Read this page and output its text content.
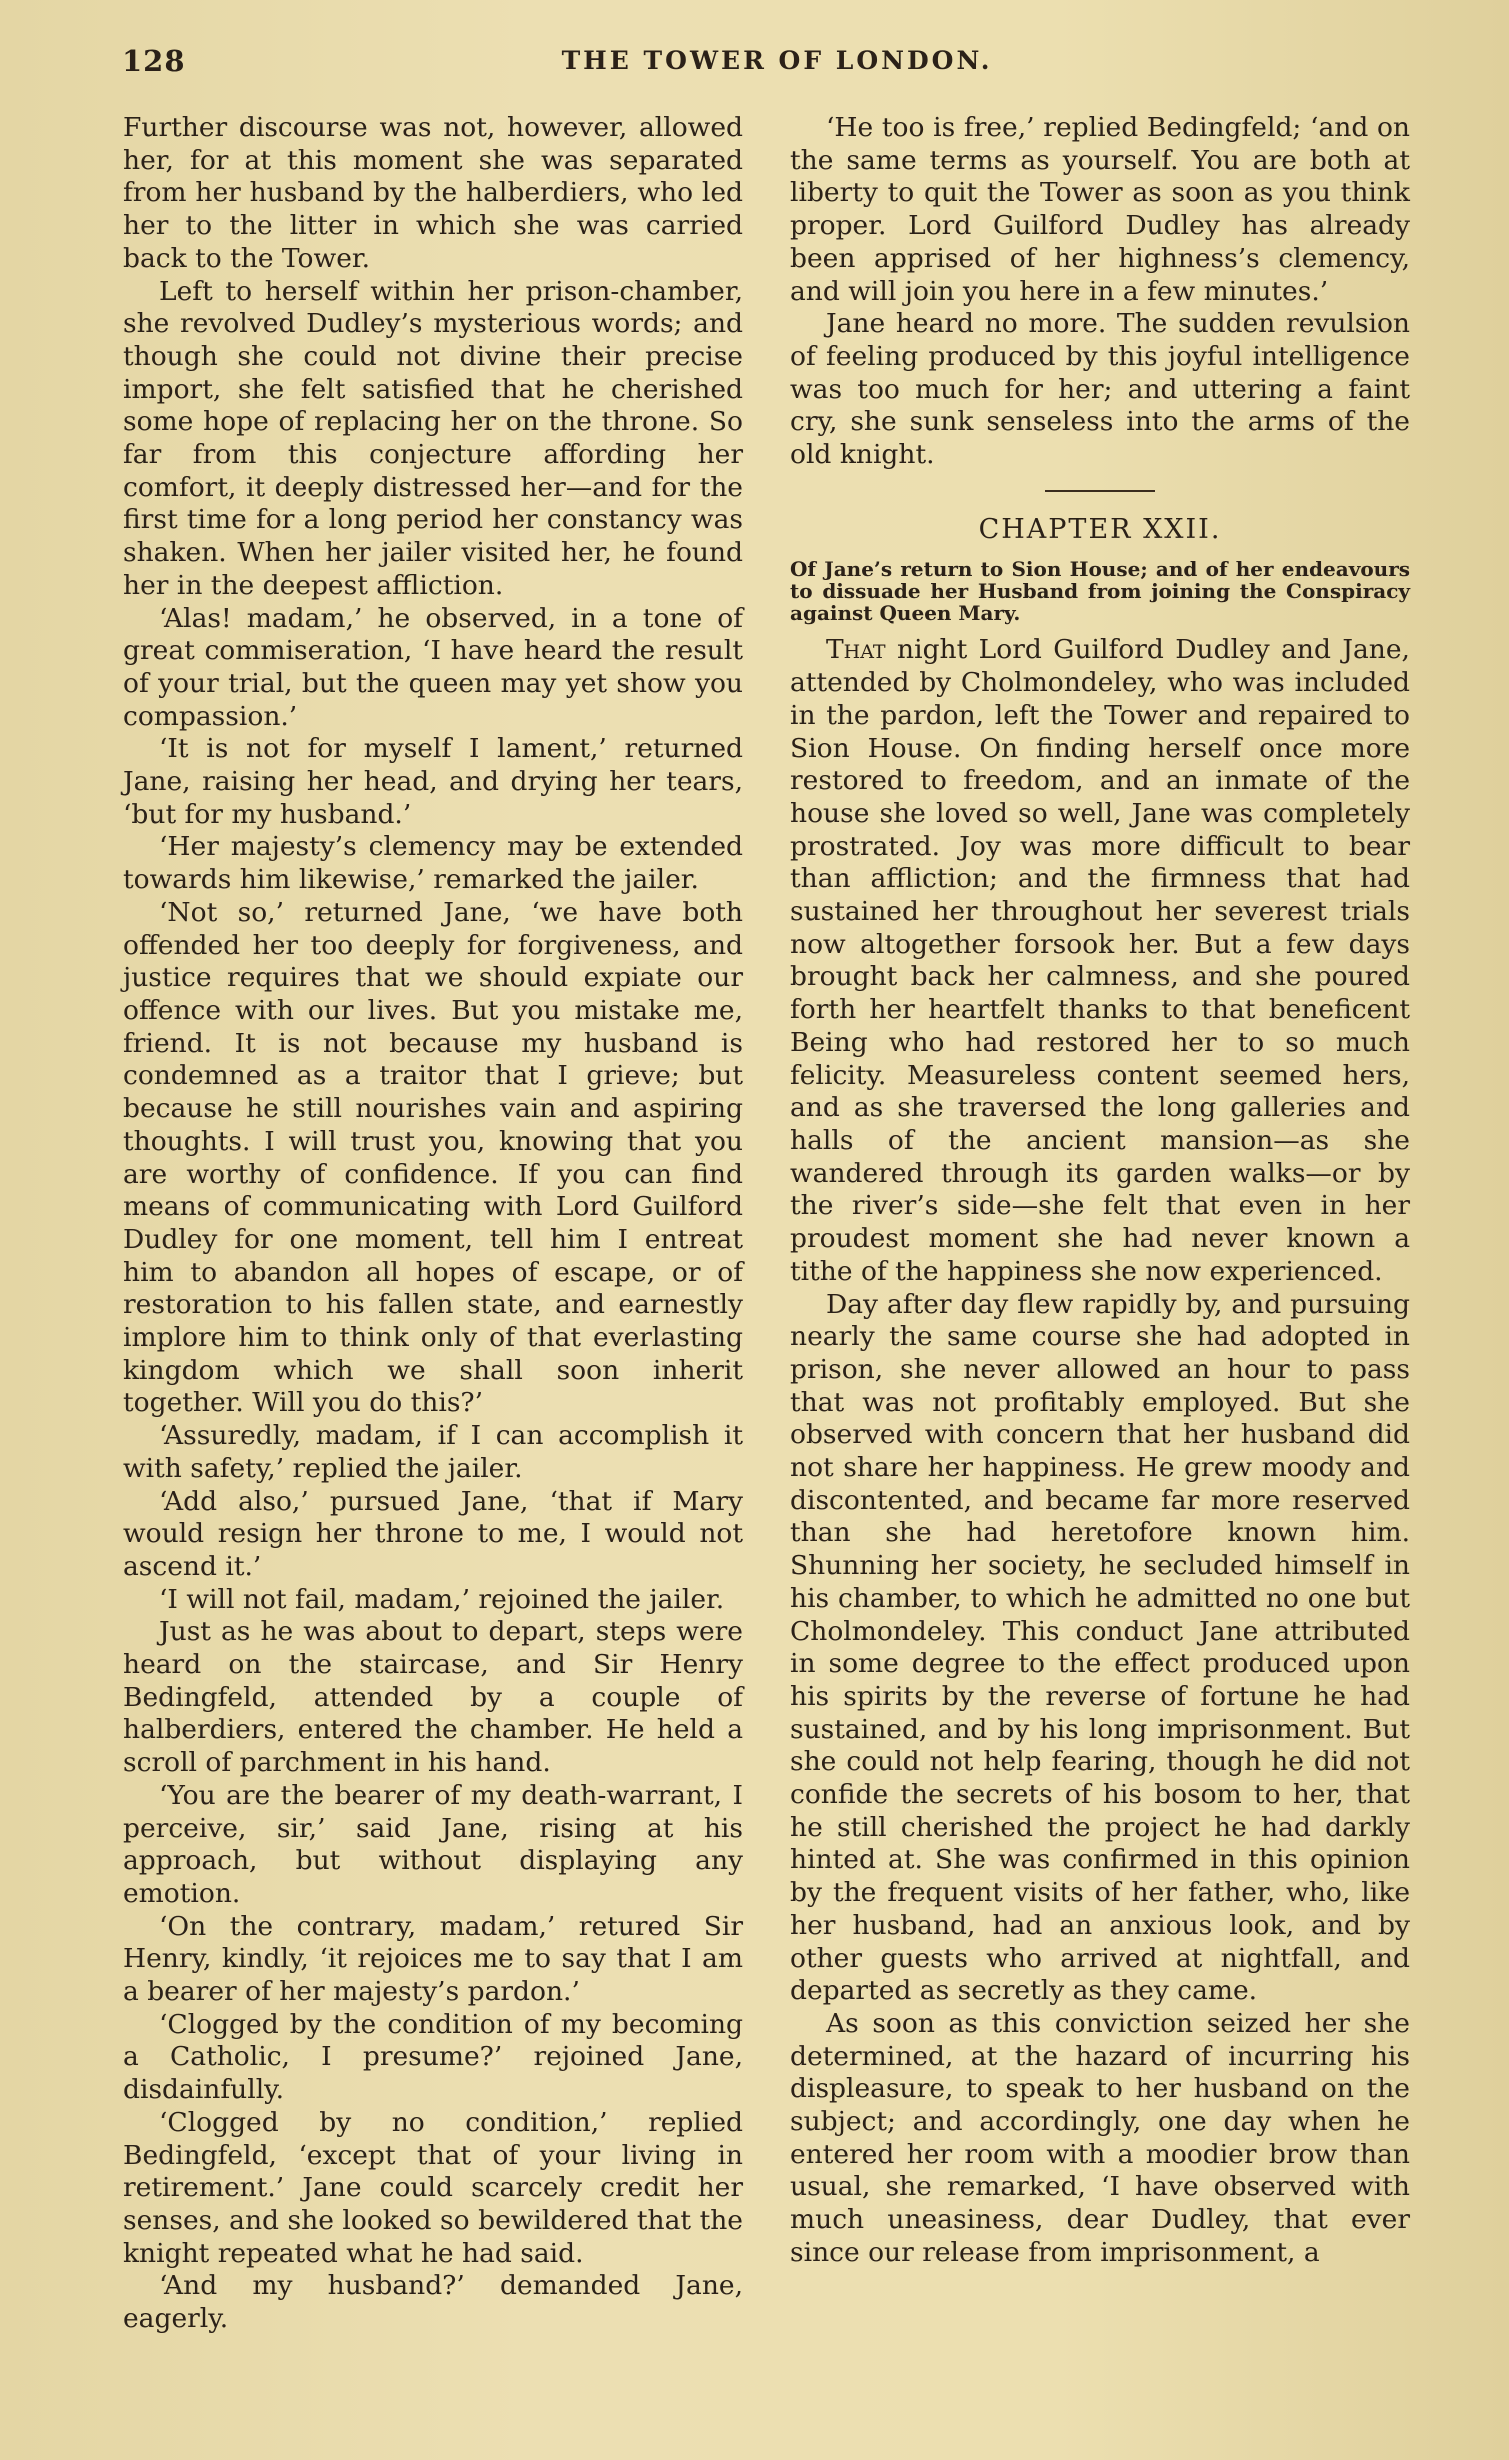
128	THE TOWER OF LONDON.

Further discourse was not, however, allowed her, for at this moment she was separated from her husband by the halberdiers, who led her to the litter in which she was carried back to the Tower.

Left to herself within her prison-chamber, she revolved Dudley’s mysterious words; and though she could not divine their precise import, she felt satisfied that he cherished some hope of replacing her on the throne. So far from this conjecture affording her comfort, it deeply distressed her—and for the first time for a long period her constancy was shaken. When her jailer visited her, he found her in the deepest affliction.

‘Alas! madam,’ he observed, in a tone of great commiseration, ‘I have heard the result of your trial, but the queen may yet show you compassion.’

‘It is not for myself I lament,’ returned Jane, raising her head, and drying her tears, ‘but for my husband.’

‘Her majesty’s clemency may be extended towards him likewise,’ remarked the jailer.

‘Not so,’ returned Jane, ‘we have both offended her too deeply for forgiveness, and justice requires that we should expiate our offence with our lives. But you mistake me, friend. It is not because my husband is condemned as a traitor that I grieve; but because he still nourishes vain and aspiring thoughts. I will trust you, knowing that you are worthy of confidence. If you can find means of communicating with Lord Guilford Dudley for one moment, tell him I entreat him to abandon all hopes of escape, or of restoration to his fallen state, and earnestly implore him to think only of that everlasting kingdom which we shall soon inherit together. Will you do this?’

‘Assuredly, madam, if I can accomplish it with safety,’ replied the jailer.

‘Add also,’ pursued Jane, ‘that if Mary would resign her throne to me, I would not ascend it.’

‘I will not fail, madam,’ rejoined the jailer.

Just as he was about to depart, steps were heard on the staircase, and Sir Henry Bedingfeld, attended by a couple of halberdiers, entered the chamber. He held a scroll of parchment in his hand.

‘You are the bearer of my death-warrant, I perceive, sir,’ said Jane, rising at his approach, but without displaying any emotion.

‘On the contrary, madam,’ retured Sir Henry, kindly, ‘it rejoices me to say that I am a bearer of her majesty’s pardon.’

‘Clogged by the condition of my becoming a Catholic, I presume?’ rejoined Jane, disdainfully.

‘Clogged by no condition,’ replied Bedingfeld, ‘except that of your living in retirement.’ Jane could scarcely credit her senses, and she looked so bewildered that the knight repeated what he had said.

‘And my husband?’ demanded Jane, eagerly.

‘He too is free,’ replied Bedingfeld; ‘and on the same terms as yourself. You are both at liberty to quit the Tower as soon as you think proper. Lord Guilford Dudley has already been apprised of her highness’s clemency, and will join you here in a few minutes.’

Jane heard no more. The sudden revulsion of feeling produced by this joyful intelligence was too much for her; and uttering a faint cry, she sunk senseless into the arms of the old knight.

CHAPTER XXII.
Of Jane’s return to Sion House; and of her endeavours to dissuade her Husband from joining the Conspiracy against Queen Mary.

That night Lord Guilford Dudley and Jane, attended by Cholmondeley, who was included in the pardon, left the Tower and repaired to Sion House. On finding herself once more restored to freedom, and an inmate of the house she loved so well, Jane was completely prostrated. Joy was more difficult to bear than affliction; and the firmness that had sustained her throughout her severest trials now altogether forsook her. But a few days brought back her calmness, and she poured forth her heartfelt thanks to that beneficent Being who had restored her to so much felicity. Measureless content seemed hers, and as she traversed the long galleries and halls of the ancient mansion—as she wandered through its garden walks—or by the river’s side—she felt that even in her proudest moment she had never known a tithe of the happiness she now experienced.

Day after day flew rapidly by, and pursuing nearly the same course she had adopted in prison, she never allowed an hour to pass that was not profitably employed. But she observed with concern that her husband did not share her happiness. He grew moody and discontented, and became far more reserved than she had heretofore known him. Shunning her society, he secluded himself in his chamber, to which he admitted no one but Cholmondeley. This conduct Jane attributed in some degree to the effect produced upon his spirits by the reverse of fortune he had sustained, and by his long imprisonment. But she could not help fearing, though he did not confide the secrets of his bosom to her, that he still cherished the project he had darkly hinted at. She was confirmed in this opinion by the frequent visits of her father, who, like her husband, had an anxious look, and by other guests who arrived at nightfall, and departed as secretly as they came.

As soon as this conviction seized her she determined, at the hazard of incurring his displeasure, to speak to her husband on the subject; and accordingly, one day when he entered her room with a moodier brow than usual, she remarked, ‘I have observed with much uneasiness, dear Dudley, that ever since our release from imprisonment, a
